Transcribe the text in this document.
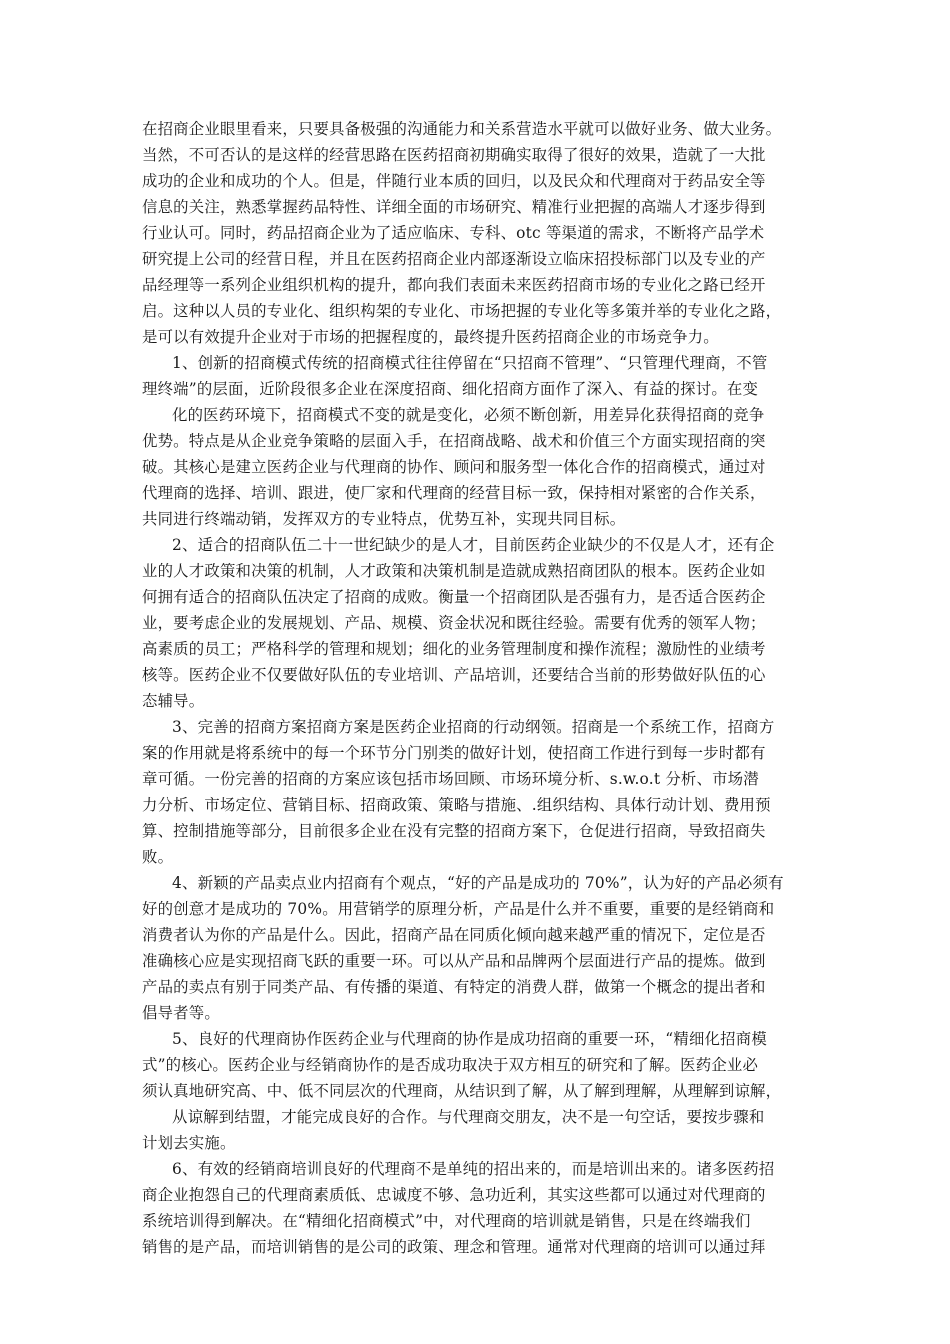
在招商企业眼里看来，只要具备极强的沟通能力和关系营造水平就可以做好业务、做大业务。
当然，不可否认的是这样的经营思路在医药招商初期确实取得了很好的效果，造就了一大批
成功的企业和成功的个人。但是，伴随行业本质的回归，以及民众和代理商对于药品安全等
信息的关注，熟悉掌握药品特性、详细全面的市场研究、精准行业把握的高端人才逐步得到
行业认可。同时，药品招商企业为了适应临床、专科、otc 等渠道的需求，不断将产品学术
研究提上公司的经营日程，并且在医药招商企业内部逐渐设立临床招投标部门以及专业的产
品经理等一系列企业组织机构的提升，都向我们表面未来医药招商市场的专业化之路已经开
启。这种以人员的专业化、组织构架的专业化、市场把握的专业化等多策并举的专业化之路，
是可以有效提升企业对于市场的把握程度的，最终提升医药招商企业的市场竞争力。
1、创新的招商模式传统的招商模式往往停留在“只招商不管理”、“只管理代理商，不管
理终端”的层面，近阶段很多企业在深度招商、细化招商方面作了深入、有益的探讨。在变
化的医药环境下，招商模式不变的就是变化，必须不断创新，用差异化获得招商的竞争
优势。特点是从企业竞争策略的层面入手，在招商战略、战术和价值三个方面实现招商的突
破。其核心是建立医药企业与代理商的协作、顾问和服务型一体化合作的招商模式，通过对
代理商的选择、培训、跟进，使厂家和代理商的经营目标一致，保持相对紧密的合作关系，
共同进行终端动销，发挥双方的专业特点，优势互补，实现共同目标。
2、适合的招商队伍二十一世纪缺少的是人才，目前医药企业缺少的不仅是人才，还有企
业的人才政策和决策的机制，人才政策和决策机制是造就成熟招商团队的根本。医药企业如
何拥有适合的招商队伍决定了招商的成败。衡量一个招商团队是否强有力，是否适合医药企
业，要考虑企业的发展规划、产品、规模、资金状况和既往经验。需要有优秀的领军人物；
高素质的员工；严格科学的管理和规划；细化的业务管理制度和操作流程；激励性的业绩考
核等。医药企业不仅要做好队伍的专业培训、产品培训，还要结合当前的形势做好队伍的心
态辅导。
3、完善的招商方案招商方案是医药企业招商的行动纲领。招商是一个系统工作，招商方
案的作用就是将系统中的每一个环节分门别类的做好计划，使招商工作进行到每一步时都有
章可循。一份完善的招商的方案应该包括市场回顾、市场环境分析、s.w.o.t 分析、市场潜
力分析、市场定位、营销目标、招商政策、策略与措施、.组织结构、具体行动计划、费用预
算、控制措施等部分，目前很多企业在没有完整的招商方案下，仓促进行招商，导致招商失
败。
4、新颖的产品卖点业内招商有个观点，“好的产品是成功的 70%”，认为好的产品必须有
好的创意才是成功的 70%。用营销学的原理分析，产品是什么并不重要，重要的是经销商和
消费者认为你的产品是什么。因此，招商产品在同质化倾向越来越严重的情况下，定位是否
准确核心应是实现招商飞跃的重要一环。可以从产品和品牌两个层面进行产品的提炼。做到
产品的卖点有别于同类产品、有传播的渠道、有特定的消费人群，做第一个概念的提出者和
倡导者等。
5、良好的代理商协作医药企业与代理商的协作是成功招商的重要一环，“精细化招商模
式”的核心。医药企业与经销商协作的是否成功取决于双方相互的研究和了解。医药企业必
须认真地研究高、中、低不同层次的代理商，从结识到了解，从了解到理解，从理解到谅解，
从谅解到结盟，才能完成良好的合作。与代理商交朋友，决不是一句空话，要按步骤和
计划去实施。
6、有效的经销商培训良好的代理商不是单纯的招出来的，而是培训出来的。诸多医药招
商企业抱怨自己的代理商素质低、忠诚度不够、急功近利，其实这些都可以通过对代理商的
系统培训得到解决。在“精细化招商模式”中，对代理商的培训就是销售，只是在终端我们
销售的是产品，而培训销售的是公司的政策、理念和管理。通常对代理商的培训可以通过拜
